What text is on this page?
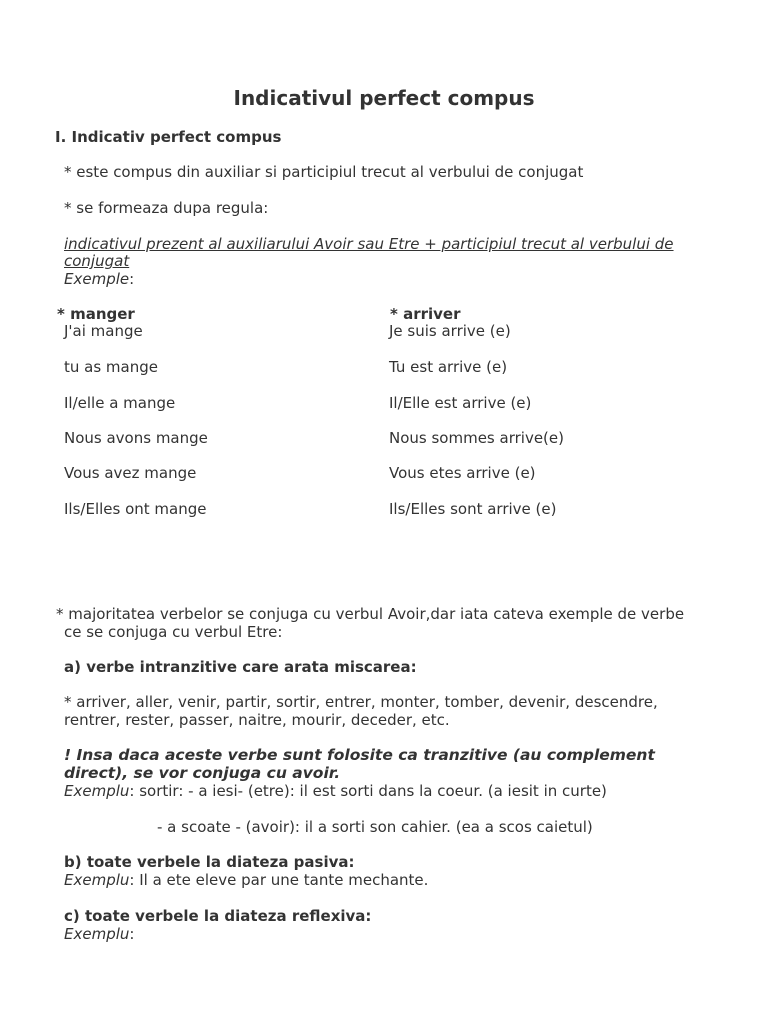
Indicativul perfect compus
I. Indicativ perfect compus
* este compus din auxiliar si participiul trecut al verbului de conjugat
* se formeaza dupa regula:
indicativul prezent al auxiliarului Avoir sau Etre + participiul trecut al verbului de
conjugat
Exemple:
* manger
J'ai mange
tu as mange
Il/elle a mange
Nous avons mange
Vous avez mange
Ils/Elles ont mange
* arriver
Je suis arrive (e)
Tu est arrive (e)
Il/Elle est arrive (e)
Nous sommes arrive(e)
Vous etes arrive (e)
Ils/Elles sont arrive (e)
* majoritatea verbelor se conjuga cu verbul Avoir,dar iata cateva exemple de verbe
ce se conjuga cu verbul Etre:
a) verbe intranzitive care arata miscarea:
* arriver, aller, venir, partir, sortir, entrer, monter, tomber, devenir, descendre,
rentrer, rester, passer, naitre, mourir, deceder, etc.
! Insa daca aceste verbe sunt folosite ca tranzitive (au complement
direct), se vor conjuga cu avoir.
Exemplu: sortir: - a iesi- (etre): il est sorti dans la coeur. (a iesit in curte)
- a scoate - (avoir): il a sorti son cahier. (ea a scos caietul)
b) toate verbele la diateza pasiva:
Exemplu: Il a ete eleve par une tante mechante.
c) toate verbele la diateza reflexiva:
Exemplu:
